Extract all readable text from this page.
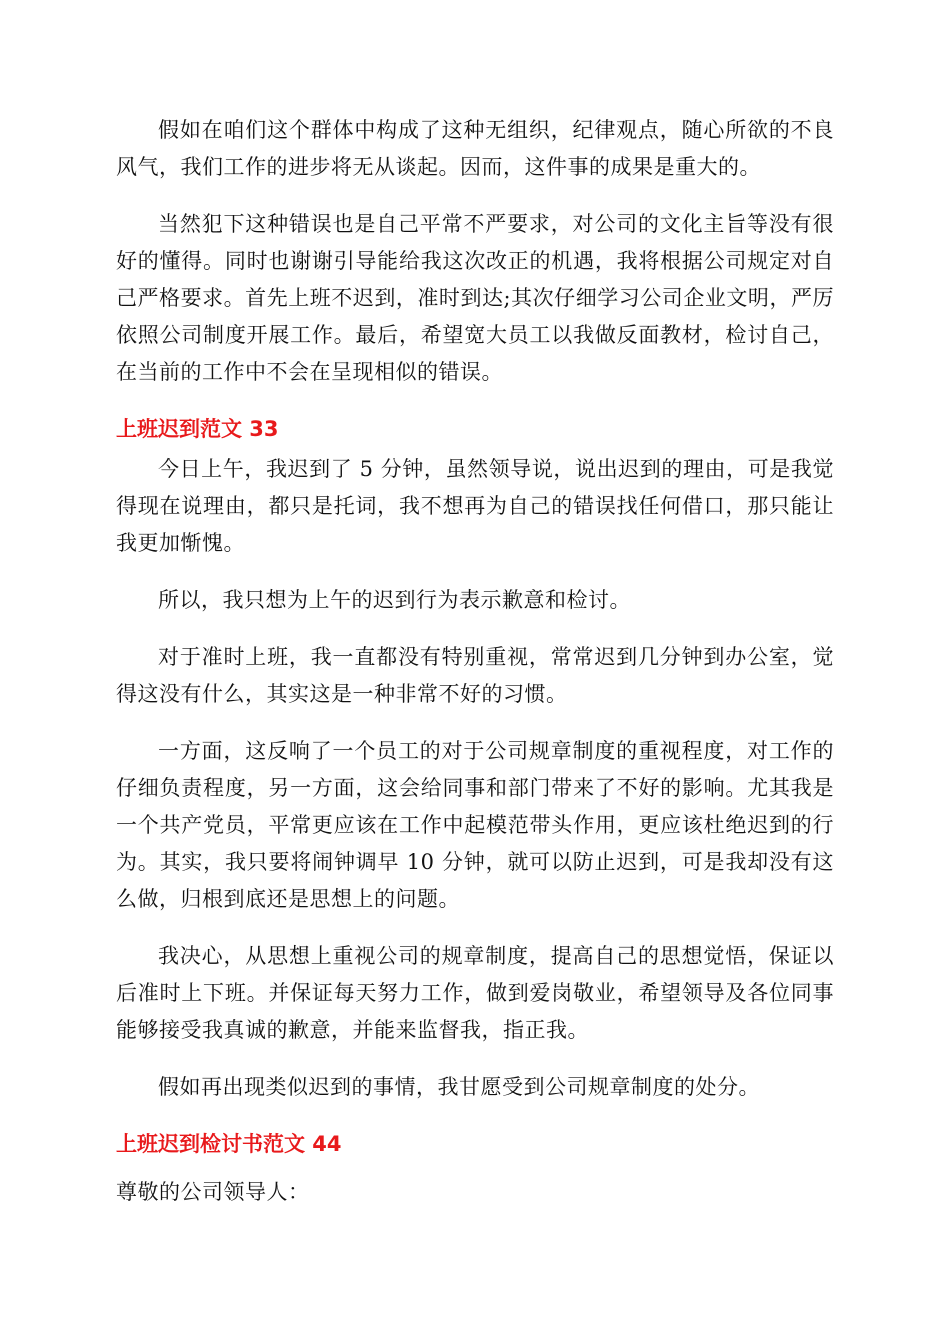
假如在咱们这个群体中构成了这种无组织，纪律观点，随心所欲的不良风气，我们工作的进步将无从谈起。因而，这件事的成果是重大的。

当然犯下这种错误也是自己平常不严要求，对公司的文化主旨等没有很好的懂得。同时也谢谢引导能给我这次改正的机遇，我将根据公司规定对自己严格要求。首先上班不迟到，准时到达;其次仔细学习公司企业文明，严厉依照公司制度开展工作。最后，希望宽大员工以我做反面教材，检讨自己，在当前的工作中不会在呈现相似的错误。

上班迟到范文 33

今日上午，我迟到了 5 分钟，虽然领导说，说出迟到的理由，可是我觉得现在说理由，都只是托词，我不想再为自己的错误找任何借口，那只能让我更加惭愧。

所以，我只想为上午的迟到行为表示歉意和检讨。

对于准时上班，我一直都没有特别重视，常常迟到几分钟到办公室，觉得这没有什么，其实这是一种非常不好的习惯。

一方面，这反响了一个员工的对于公司规章制度的重视程度，对工作的仔细负责程度，另一方面，这会给同事和部门带来了不好的影响。尤其我是一个共产党员，平常更应该在工作中起模范带头作用，更应该杜绝迟到的行为。其实，我只要将闹钟调早 10 分钟，就可以防止迟到，可是我却没有这么做，归根到底还是思想上的问题。

我决心，从思想上重视公司的规章制度，提高自己的思想觉悟，保证以后准时上下班。并保证每天努力工作，做到爱岗敬业，希望领导及各位同事能够接受我真诚的歉意，并能来监督我，指正我。

假如再出现类似迟到的事情，我甘愿受到公司规章制度的处分。

上班迟到检讨书范文 44

尊敬的公司领导人：
